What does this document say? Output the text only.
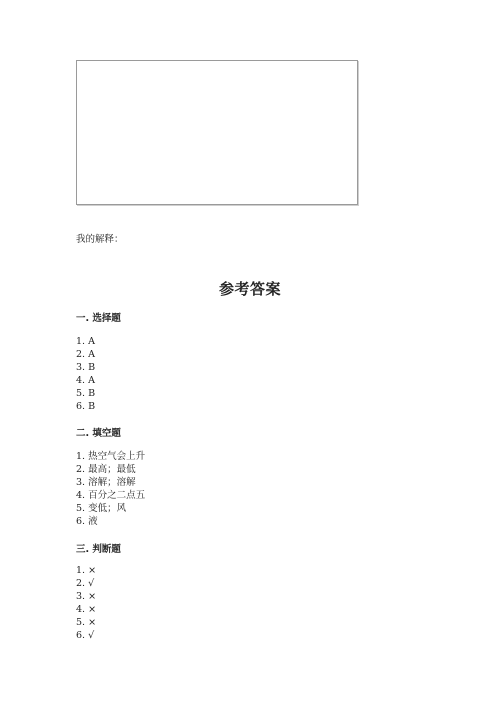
我的解释：
参考答案
一. 选择题
1. A
2. A
3. B
4. A
5. B
6. B
二. 填空题
1. 热空气会上升
2. 最高；最低
3. 溶解；溶解
4. 百分之二点五
5. 变低；风
6. 液
三. 判断题
1. ×
2. √
3. ×
4. ×
5. ×
6. √
